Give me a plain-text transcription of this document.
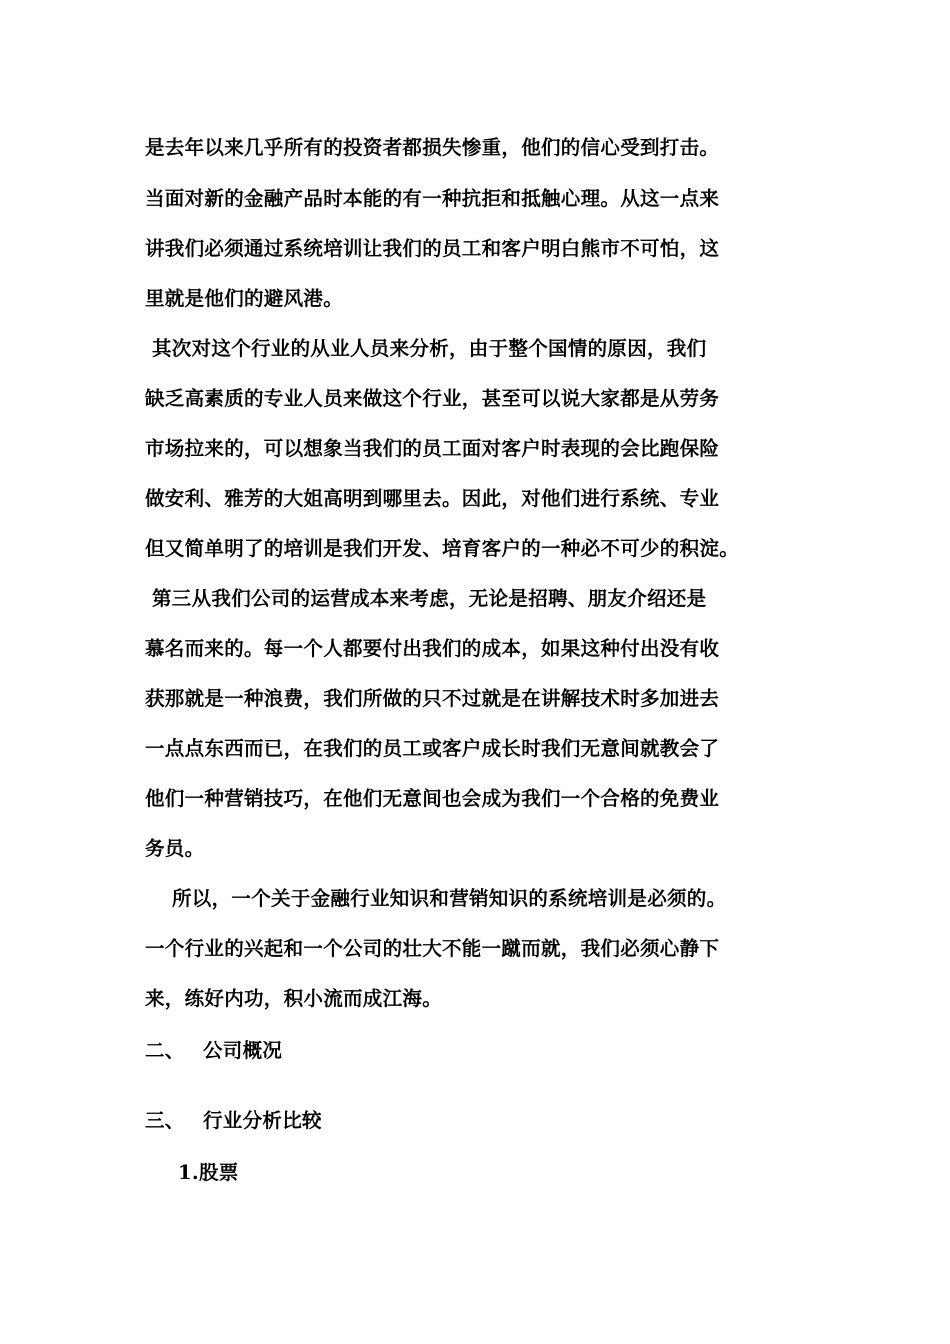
是去年以来几乎所有的投资者都损失惨重，他们的信心受到打击。
当面对新的金融产品时本能的有一种抗拒和抵触心理。从这一点来
讲我们必须通过系统培训让我们的员工和客户明白熊市不可怕，这
里就是他们的避风港。
其次对这个行业的从业人员来分析，由于整个国情的原因，我们
缺乏高素质的专业人员来做这个行业，甚至可以说大家都是从劳务
市场拉来的，可以想象当我们的员工面对客户时表现的会比跑保险
做安利、雅芳的大姐高明到哪里去。因此，对他们进行系统、专业
但又简单明了的培训是我们开发、培育客户的一种必不可少的积淀。
第三从我们公司的运营成本来考虑，无论是招聘、朋友介绍还是
慕名而来的。每一个人都要付出我们的成本，如果这种付出没有收
获那就是一种浪费，我们所做的只不过就是在讲解技术时多加进去
一点点东西而已，在我们的员工或客户成长时我们无意间就教会了
他们一种营销技巧，在他们无意间也会成为我们一个合格的免费业
务员。
所以，一个关于金融行业知识和营销知识的系统培训是必须的。
一个行业的兴起和一个公司的壮大不能一蹴而就，我们必须心静下
来，练好内功，积小流而成江海。
二、 公司概况
三、 行业分析比较
1.股票
